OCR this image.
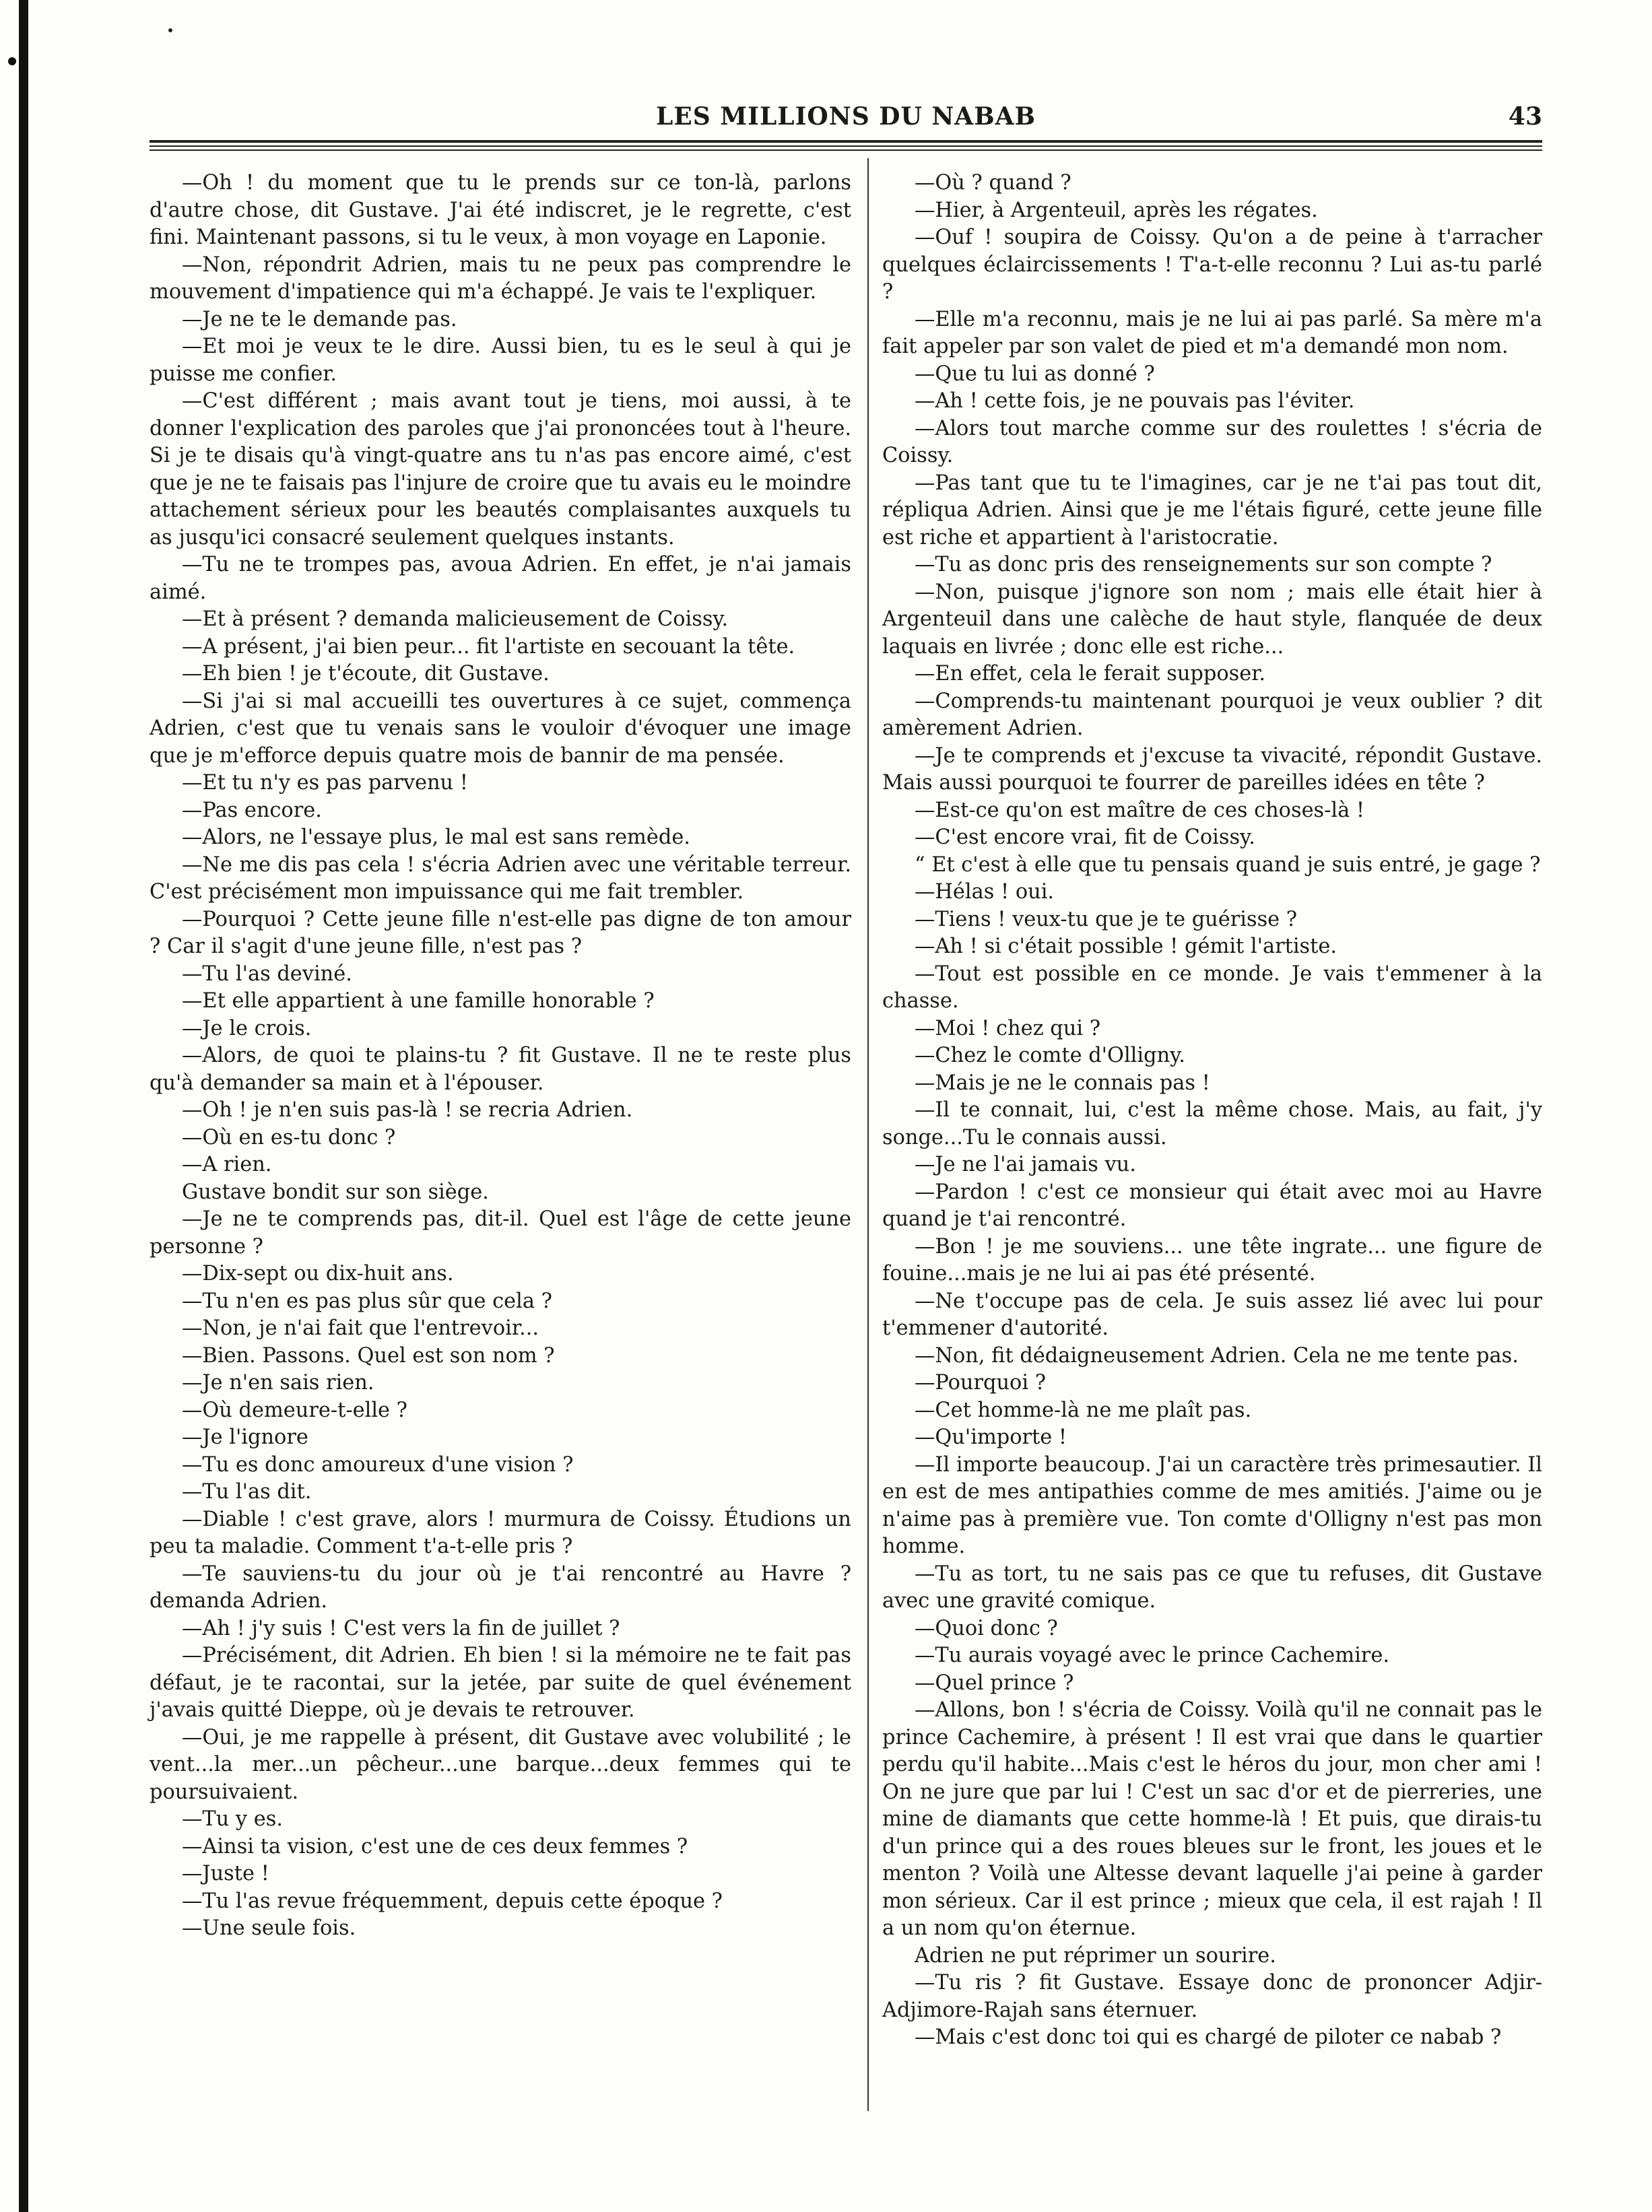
LES MILLIONS DU NABAB	43

—Oh ! du moment que tu le prends sur ce ton-là, parlons d'autre chose, dit Gustave. J'ai été indiscret, je le regrette, c'est fini. Maintenant passons, si tu le veux, à mon voyage en Laponie.

—Non, répondrit Adrien, mais tu ne peux pas comprendre le mouvement d'impatience qui m'a échappé. Je vais te l'expliquer.

—Je ne te le demande pas.

—Et moi je veux te le dire. Aussi bien, tu es le seul à qui je puisse me confier.

—C'est différent ; mais avant tout je tiens, moi aussi, à te donner l'explication des paroles que j'ai prononcées tout à l'heure. Si je te disais qu'à vingt-quatre ans tu n'as pas encore aimé, c'est que je ne te faisais pas l'injure de croire que tu avais eu le moindre attachement sérieux pour les beautés complaisantes auxquels tu as jusqu'ici consacré seulement quelques instants.

—Tu ne te trompes pas, avoua Adrien. En effet, je n'ai jamais aimé.

—Et à présent ? demanda malicieusement de Coissy.

—A présent, j'ai bien peur... fit l'artiste en secouant la tête.

—Eh bien ! je t'écoute, dit Gustave.

—Si j'ai si mal accueilli tes ouvertures à ce sujet, commença Adrien, c'est que tu venais sans le vouloir d'évoquer une image que je m'efforce depuis quatre mois de bannir de ma pensée.

—Et tu n'y es pas parvenu !

—Pas encore.

—Alors, ne l'essaye plus, le mal est sans remède.

—Ne me dis pas cela ! s'écria Adrien avec une véritable terreur. C'est précisément mon impuissance qui me fait trembler.

—Pourquoi ? Cette jeune fille n'est-elle pas digne de ton amour ? Car il s'agit d'une jeune fille, n'est pas ?

—Tu l'as deviné.

—Et elle appartient à une famille honorable ?

—Je le crois.

—Alors, de quoi te plains-tu ? fit Gustave. Il ne te reste plus qu'à demander sa main et à l'épouser.

—Oh ! je n'en suis pas-là ! se recria Adrien.

—Où en es-tu donc ?

—A rien.

Gustave bondit sur son siège.

—Je ne te comprends pas, dit-il. Quel est l'âge de cette jeune personne ?

—Dix-sept ou dix-huit ans.

—Tu n'en es pas plus sûr que cela ?

—Non, je n'ai fait que l'entrevoir...

—Bien. Passons. Quel est son nom ?

—Je n'en sais rien.

—Où demeure-t-elle ?

—Je l'ignore

—Tu es donc amoureux d'une vision ?

—Tu l'as dit.

—Diable ! c'est grave, alors ! murmura de Coissy. Étudions un peu ta maladie. Comment t'a-t-elle pris ?

—Te sauviens-tu du jour où je t'ai rencontré au Havre ? demanda Adrien.

—Ah ! j'y suis ! C'est vers la fin de juillet ?

—Précisément, dit Adrien. Eh bien ! si la mémoire ne te fait pas défaut, je te racontai, sur la jetée, par suite de quel événement j'avais quitté Dieppe, où je devais te retrouver.

—Oui, je me rappelle à présent, dit Gustave avec volubilité ; le vent...la mer...un pêcheur...une barque...deux femmes qui te poursuivaient.

—Tu y es.

—Ainsi ta vision, c'est une de ces deux femmes ?

—Juste !

—Tu l'as revue fréquemment, depuis cette époque ?

—Une seule fois.

—Où ? quand ?

—Hier, à Argenteuil, après les régates.

—Ouf ! soupira de Coissy. Qu'on a de peine à t'arracher quelques éclaircissements ! T'a-t-elle reconnu ? Lui as-tu parlé ?

—Elle m'a reconnu, mais je ne lui ai pas parlé. Sa mère m'a fait appeler par son valet de pied et m'a demandé mon nom.

—Que tu lui as donné ?

—Ah ! cette fois, je ne pouvais pas l'éviter.

—Alors tout marche comme sur des roulettes ! s'écria de Coissy.

—Pas tant que tu te l'imagines, car je ne t'ai pas tout dit, répliqua Adrien. Ainsi que je me l'étais figuré, cette jeune fille est riche et appartient à l'aristocratie.

—Tu as donc pris des renseignements sur son compte ?

—Non, puisque j'ignore son nom ; mais elle était hier à Argenteuil dans une calèche de haut style, flanquée de deux laquais en livrée ; donc elle est riche...

—En effet, cela le ferait supposer.

—Comprends-tu maintenant pourquoi je veux oublier ? dit amèrement Adrien.

—Je te comprends et j'excuse ta vivacité, répondit Gustave. Mais aussi pourquoi te fourrer de pareilles idées en tête ?

—Est-ce qu'on est maître de ces choses-là !

—C'est encore vrai, fit de Coissy.

“ Et c'est à elle que tu pensais quand je suis entré, je gage ?

—Hélas ! oui.

—Tiens ! veux-tu que je te guérisse ?

—Ah ! si c'était possible ! gémit l'artiste.

—Tout est possible en ce monde. Je vais t'emmener à la chasse.

—Moi ! chez qui ?

—Chez le comte d'Olligny.

—Mais je ne le connais pas !

—Il te connait, lui, c'est la même chose. Mais, au fait, j'y songe...Tu le connais aussi.

—Je ne l'ai jamais vu.

—Pardon ! c'est ce monsieur qui était avec moi au Havre quand je t'ai rencontré.

—Bon ! je me souviens... une tête ingrate... une figure de fouine...mais je ne lui ai pas été présenté.

—Ne t'occupe pas de cela. Je suis assez lié avec lui pour t'emmener d'autorité.

—Non, fit dédaigneusement Adrien. Cela ne me tente pas.

—Pourquoi ?

—Cet homme-là ne me plaît pas.

—Qu'importe !

—Il importe beaucoup. J'ai un caractère très primesautier. Il en est de mes antipathies comme de mes amitiés. J'aime ou je n'aime pas à première vue. Ton comte d'Olligny n'est pas mon homme.

—Tu as tort, tu ne sais pas ce que tu refuses, dit Gustave avec une gravité comique.

—Quoi donc ?

—Tu aurais voyagé avec le prince Cachemire.

—Quel prince ?

—Allons, bon ! s'écria de Coissy. Voilà qu'il ne connait pas le prince Cachemire, à présent ! Il est vrai que dans le quartier perdu qu'il habite...Mais c'est le héros du jour, mon cher ami ! On ne jure que par lui ! C'est un sac d'or et de pierreries, une mine de diamants que cette homme-là ! Et puis, que dirais-tu d'un prince qui a des roues bleues sur le front, les joues et le menton ? Voilà une Altesse devant laquelle j'ai peine à garder mon sérieux. Car il est prince ; mieux que cela, il est rajah ! Il a un nom qu'on éternue.

Adrien ne put réprimer un sourire.

—Tu ris ? fit Gustave. Essaye donc de prononcer Adjir-Adjimore-Rajah sans éternuer.

—Mais c'est donc toi qui es chargé de piloter ce nabab ?
